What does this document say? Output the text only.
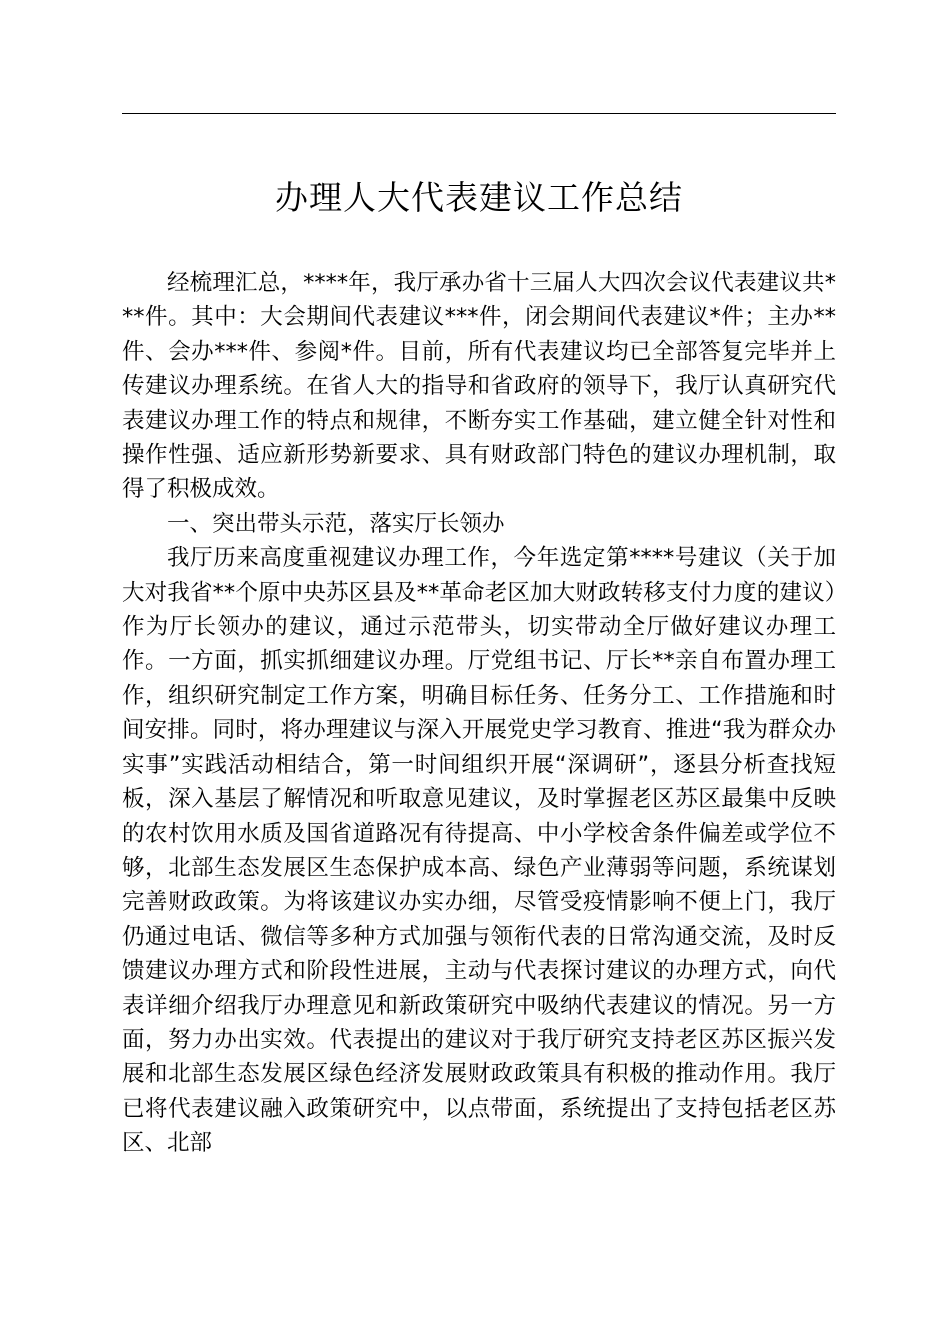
办理人大代表建议工作总结

经梳理汇总，****年，我厅承办省十三届人大四次会议代表建议共***件。其中：大会期间代表建议***件，闭会期间代表建议*件；主办**件、会办***件、参阅*件。目前，所有代表建议均已全部答复完毕并上传建议办理系统。在省人大的指导和省政府的领导下，我厅认真研究代表建议办理工作的特点和规律，不断夯实工作基础，建立健全针对性和操作性强、适应新形势新要求、具有财政部门特色的建议办理机制，取得了积极成效。

一、突出带头示范，落实厅长领办

我厅历来高度重视建议办理工作，今年选定第****号建议（关于加大对我省**个原中央苏区县及**革命老区加大财政转移支付力度的建议）作为厅长领办的建议，通过示范带头，切实带动全厅做好建议办理工作。一方面，抓实抓细建议办理。厅党组书记、厅长**亲自布置办理工作，组织研究制定工作方案，明确目标任务、任务分工、工作措施和时间安排。同时，将办理建议与深入开展党史学习教育、推进“我为群众办实事”实践活动相结合，第一时间组织开展“深调研”，逐县分析查找短板，深入基层了解情况和听取意见建议，及时掌握老区苏区最集中反映的农村饮用水质及国省道路况有待提高、中小学校舍条件偏差或学位不够，北部生态发展区生态保护成本高、绿色产业薄弱等问题，系统谋划完善财政政策。为将该建议办实办细，尽管受疫情影响不便上门，我厅仍通过电话、微信等多种方式加强与领衔代表的日常沟通交流，及时反馈建议办理方式和阶段性进展，主动与代表探讨建议的办理方式，向代表详细介绍我厅办理意见和新政策研究中吸纳代表建议的情况。另一方面，努力办出实效。代表提出的建议对于我厅研究支持老区苏区振兴发展和北部生态发展区绿色经济发展财政政策具有积极的推动作用。我厅已将代表建议融入政策研究中，以点带面，系统提出了支持包括老区苏区、北部
